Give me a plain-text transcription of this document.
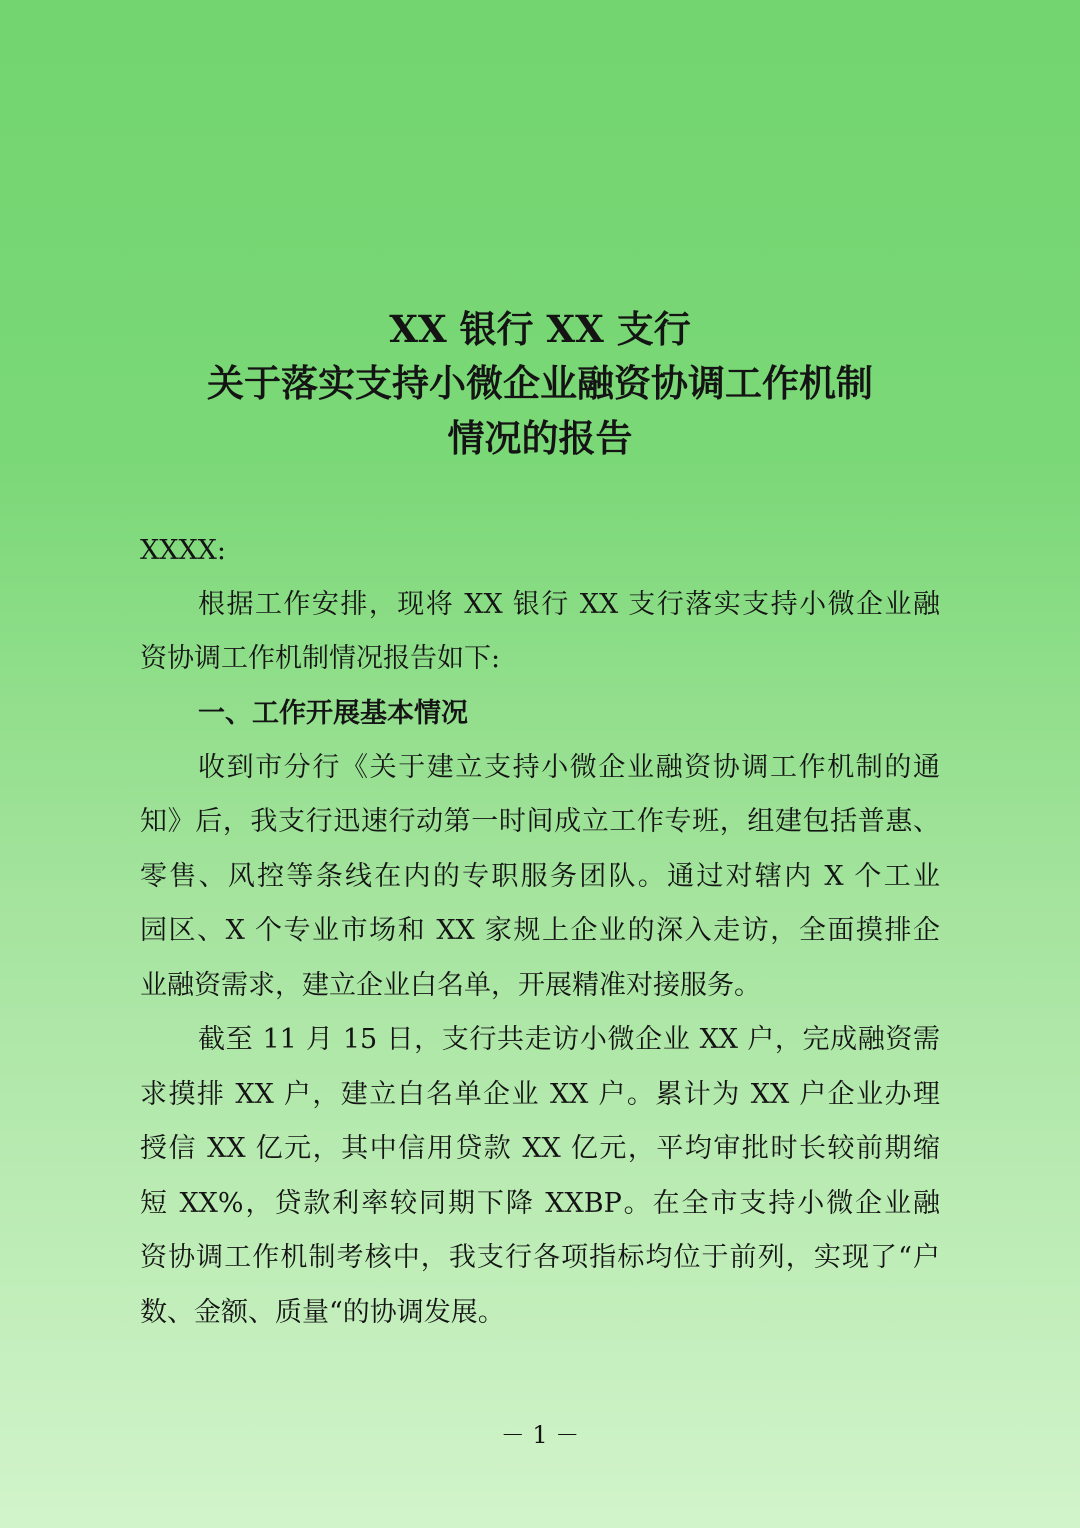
XX 银行 XX 支行
关于落实支持小微企业融资协调工作机制
情况的报告
XXXX:
根据工作安排，现将 XX 银行 XX 支行落实支持小微企业融
资协调工作机制情况报告如下:
一、工作开展基本情况
收到市分行《关于建立支持小微企业融资协调工作机制的通
知》后，我支行迅速行动第一时间成立工作专班，组建包括普惠、
零售、风控等条线在内的专职服务团队。通过对辖内 X 个工业
园区、X 个专业市场和 XX 家规上企业的深入走访，全面摸排企
业融资需求，建立企业白名单，开展精准对接服务。
截至 11 月 15 日，支行共走访小微企业 XX 户，完成融资需
求摸排 XX 户，建立白名单企业 XX 户。累计为 XX 户企业办理
授信 XX 亿元，其中信用贷款 XX 亿元，平均审批时长较前期缩
短 XX%，贷款利率较同期下降 XXBP。在全市支持小微企业融
资协调工作机制考核中，我支行各项指标均位于前列，实现了“户
数、金额、质量“的协调发展。
－ 1 －
